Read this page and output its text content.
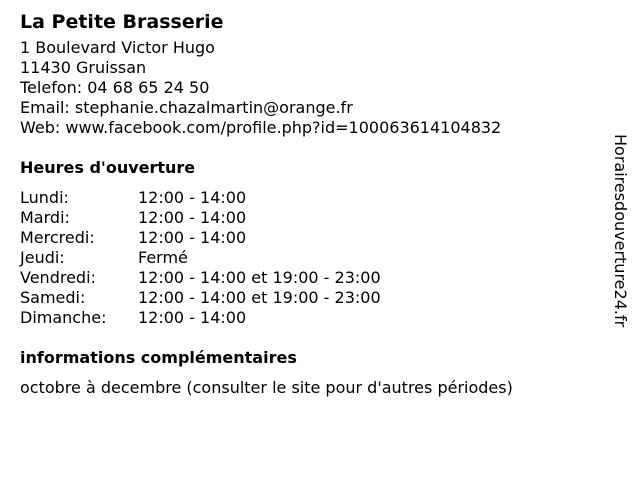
La Petite Brasserie
1 Boulevard Victor Hugo
11430 Gruissan
Telefon: 04 68 65 24 50
Email: stephanie.chazalmartin@orange.fr
Web: www.facebook.com/profile.php?id=100063614104832
Heures d'ouverture
Lundi:	12:00 - 14:00
Mardi:	12:00 - 14:00
Mercredi:	12:00 - 14:00
Jeudi:	Fermé
Vendredi:	12:00 - 14:00 et 19:00 - 23:00
Samedi:	12:00 - 14:00 et 19:00 - 23:00
Dimanche:	12:00 - 14:00
informations complémentaires
octobre à decembre (consulter le site pour d'autres périodes)
Horairesdouverture24.fr
